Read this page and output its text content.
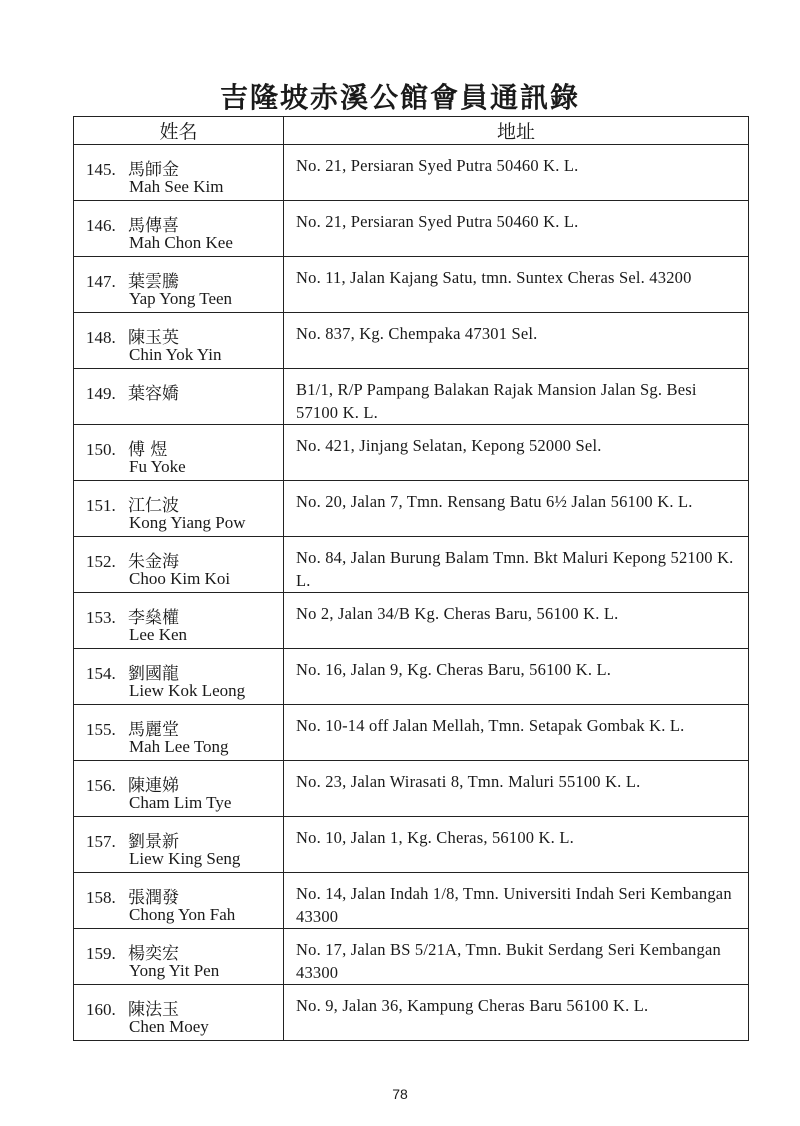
吉隆坡赤溪公館會員通訊錄
姓名	地址

145. 馬師金
Mah See Kim	No. 21, Persiaran Syed Putra 50460 K. L.

146. 馬傳喜
Mah Chon Kee	No. 21, Persiaran Syed Putra 50460 K. L.

147. 葉雲騰
Yap Yong Teen	No. 11, Jalan Kajang Satu, tmn. Suntex Cheras Sel. 43200

148. 陳玉英
Chin Yok Yin	No. 837, Kg. Chempaka 47301 Sel.

149. 葉容嬌	B1/1, R/P Pampang Balakan Rajak Mansion Jalan Sg. Besi 57100 K. L.

150. 傅 煜
Fu Yoke	No. 421, Jinjang Selatan, Kepong 52000 Sel.

151. 江仁波
Kong Yiang Pow	No. 20, Jalan 7, Tmn. Rensang Batu 6½ Jalan 56100 K. L.

152. 朱金海
Choo Kim Koi	No. 84, Jalan Burung Balam Tmn. Bkt Maluri Kepong 52100 K. L.

153. 李燊權
Lee Ken	No 2, Jalan 34/B Kg. Cheras Baru, 56100 K. L.

154. 劉國龍
Liew Kok Leong	No. 16, Jalan 9, Kg. Cheras Baru, 56100 K. L.

155. 馬麗堂
Mah Lee Tong	No. 10-14 off Jalan Mellah, Tmn. Setapak Gombak K. L.

156. 陳連娣
Cham Lim Tye	No. 23, Jalan Wirasati 8, Tmn. Maluri 55100 K. L.

157. 劉景新
Liew King Seng	No. 10, Jalan 1, Kg. Cheras, 56100 K. L.

158. 張潤發
Chong Yon Fah	No. 14, Jalan Indah 1/8, Tmn. Universiti Indah Seri Kembangan 43300

159. 楊奕宏
Yong Yit Pen	No. 17, Jalan BS 5/21A, Tmn. Bukit Serdang Seri Kembangan 43300

160. 陳法玉
Chen Moey	No. 9, Jalan 36, Kampung Cheras Baru 56100 K. L.
78
